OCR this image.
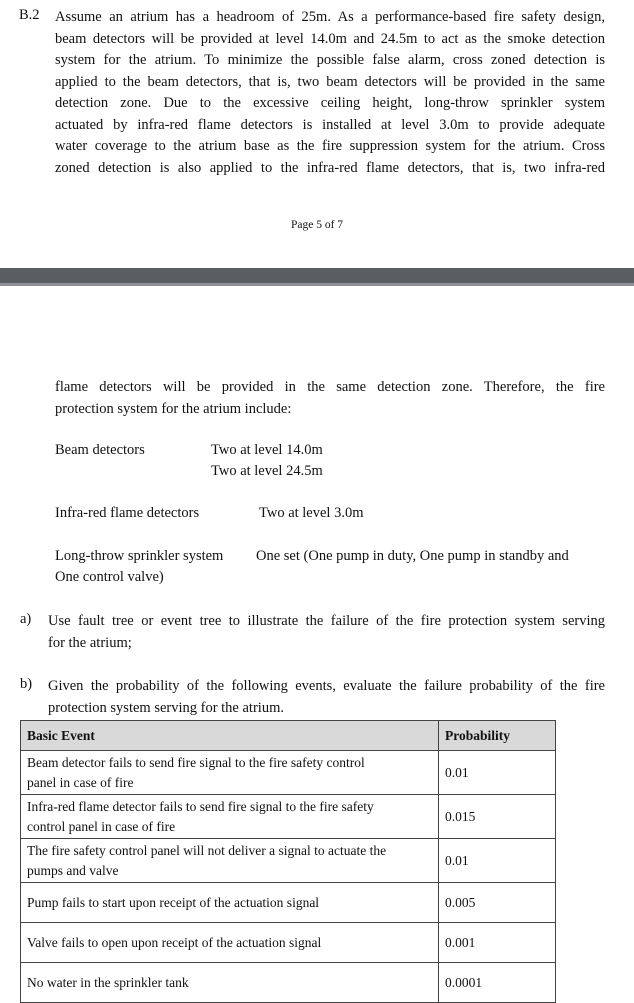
B.2 Assume an atrium has a headroom of 25m. As a performance-based fire safety design,
beam detectors will be provided at level 14.0m and 24.5m to act as the smoke detection
system for the atrium. To minimize the possible false alarm, cross zoned detection is
applied to the beam detectors, that is, two beam detectors will be provided in the same
detection zone. Due to the excessive ceiling height, long-throw sprinkler system
actuated by infra-red flame detectors is installed at level 3.0m to provide adequate
water coverage to the atrium base as the fire suppression system for the atrium. Cross
zoned detection is also applied to the infra-red flame detectors, that is, two infra-red
Page 5 of 7
flame detectors will be provided in the same detection zone. Therefore, the fire
protection system for the atrium include:
Beam detectors	Two at level 14.0m
Two at level 24.5m
Infra-red flame detectors	Two at level 3.0m
Long-throw sprinkler system One set (One pump in duty, One pump in standby and
One control valve)
a) Use fault tree or event tree to illustrate the failure of the fire protection system serving
for the atrium;
b) Given the probability of the following events, evaluate the failure probability of the fire
protection system serving for the atrium.
Basic Event	Probability
Beam detector fails to send fire signal to the fire safety control
panel in case of fire	0.01
Infra-red flame detector fails to send fire signal to the fire safety
control panel in case of fire	0.015
The fire safety control panel will not deliver a signal to actuate the
pumps and valve	0.01
Pump fails to start upon receipt of the actuation signal	0.005
Valve fails to open upon receipt of the actuation signal	0.001
No water in the sprinkler tank	0.0001
